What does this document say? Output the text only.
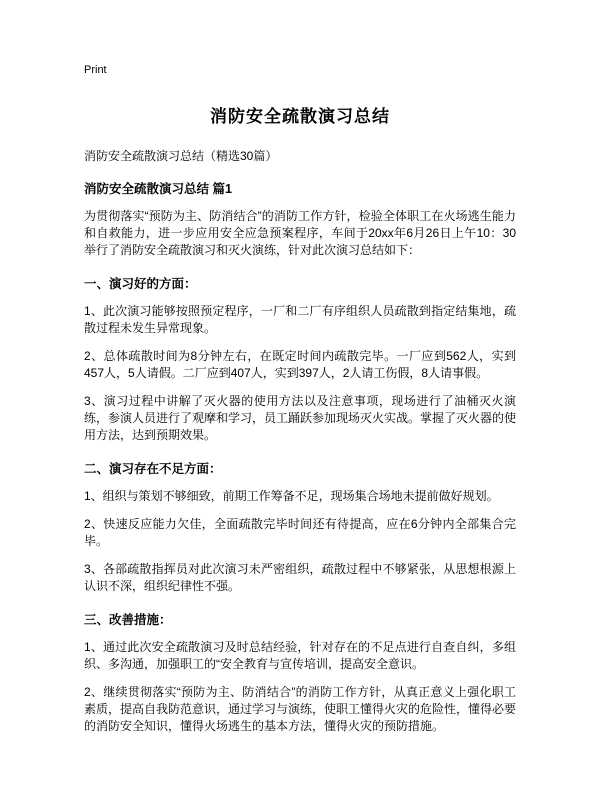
Print
消防安全疏散演习总结
消防安全疏散演习总结（精选30篇）
消防安全疏散演习总结 篇1
为贯彻落实“预防为主、防消结合”的消防工作方针，检验全体职工在火场逃生能力和自救能力，进一步应用安全应急预案程序，车间于20xx年6月26日上午10：30举行了消防安全疏散演习和灭火演练，针对此次演习总结如下：
一、演习好的方面：
1、此次演习能够按照预定程序，一厂和二厂有序组织人员疏散到指定结集地，疏散过程未发生异常现象。
2、总体疏散时间为8分钟左右，在既定时间内疏散完毕。一厂应到562人，实到457人，5人请假。二厂应到407人，实到397人，2人请工伤假，8人请事假。
3、演习过程中讲解了灭火器的使用方法以及注意事项，现场进行了油桶灭火演练，参演人员进行了观摩和学习，员工踊跃参加现场灭火实战。掌握了灭火器的使用方法，达到预期效果。
二、演习存在不足方面：
1、组织与策划不够细致，前期工作筹备不足，现场集合场地未提前做好规划。
2、快速反应能力欠佳，全面疏散完毕时间还有待提高，应在6分钟内全部集合完毕。
3、各部疏散指挥员对此次演习未严密组织，疏散过程中不够紧张，从思想根源上认识不深，组织纪律性不强。
三、改善措施：
1、通过此次安全疏散演习及时总结经验，针对存在的不足点进行自查自纠，多组织、多沟通，加强职工的“安全教育与宣传培训，提高安全意识。
2、继续贯彻落实“预防为主、防消结合”的消防工作方针，从真正意义上强化职工素质，提高自我防范意识，通过学习与演练，使职工懂得火灾的危险性，懂得必要的消防安全知识，懂得火场逃生的基本方法，懂得火灾的预防措施。
